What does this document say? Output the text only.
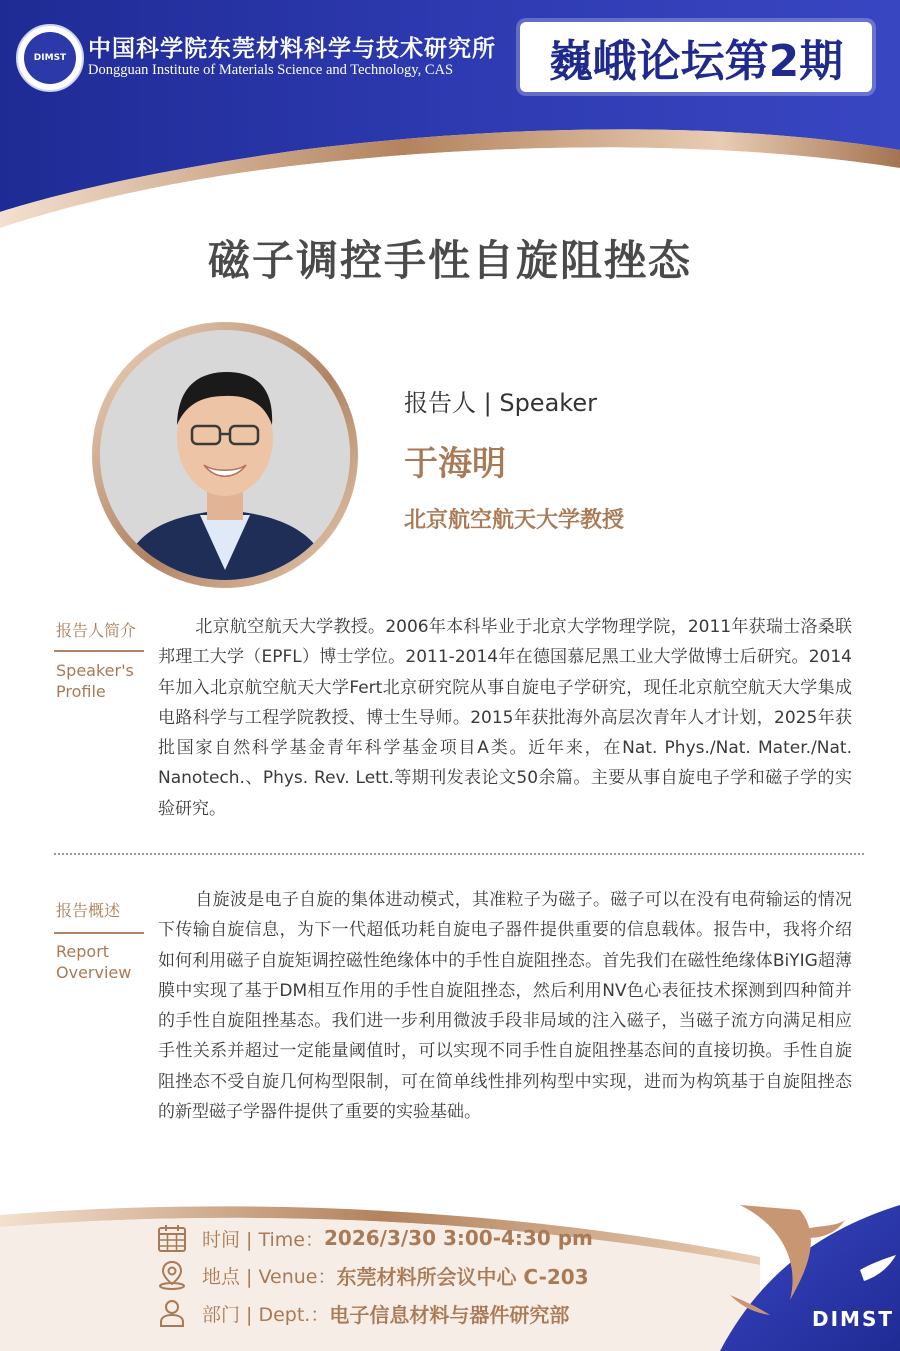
DIMST 中国科学院东莞材料科学与技术研究所
Dongguan Institute of Materials Science and Technology, CAS	巍峨论坛第2期
磁子调控手性自旋阻挫态
报告人 | Speaker
于海明
北京航空航天大学教授
报告人简介
Speaker's
Profile
北京航空航天大学教授。2006年本科毕业于北京大学物理学院，2011年获瑞士洛桑联邦理工大学（EPFL）博士学位。2011-2014年在德国慕尼黑工业大学做博士后研究。2014年加入北京航空航天大学Fert北京研究院从事自旋电子学研究，现任北京航空航天大学集成电路科学与工程学院教授、博士生导师。2015年获批海外高层次青年人才计划，2025年获批国家自然科学基金青年科学基金项目A类。近年来，在Nat. Phys./Nat. Mater./Nat. Nanotech.、Phys. Rev. Lett.等期刊发表论文50余篇。主要从事自旋电子学和磁子学的实验研究。
报告概述
Report
Overview
自旋波是电子自旋的集体进动模式，其准粒子为磁子。磁子可以在没有电荷输运的情况下传输自旋信息，为下一代超低功耗自旋电子器件提供重要的信息载体。报告中，我将介绍如何利用磁子自旋矩调控磁性绝缘体中的手性自旋阻挫态。首先我们在磁性绝缘体BiYIG超薄膜中实现了基于DM相互作用的手性自旋阻挫态，然后利用NV色心表征技术探测到四种简并的手性自旋阻挫基态。我们进一步利用微波手段非局域的注入磁子，当磁子流方向满足相应手性关系并超过一定能量阈值时，可以实现不同手性自旋阻挫基态间的直接切换。手性自旋阻挫态不受自旋几何构型限制，可在简单线性排列构型中实现，进而为构筑基于自旋阻挫态的新型磁子学器件提供了重要的实验基础。
DIMST
时间 | Time： 2026/3/30 3:00-4:30 pm
地点 | Venue： 东莞材料所会议中心 C-203
部门 | Dept.： 电子信息材料与器件研究部
